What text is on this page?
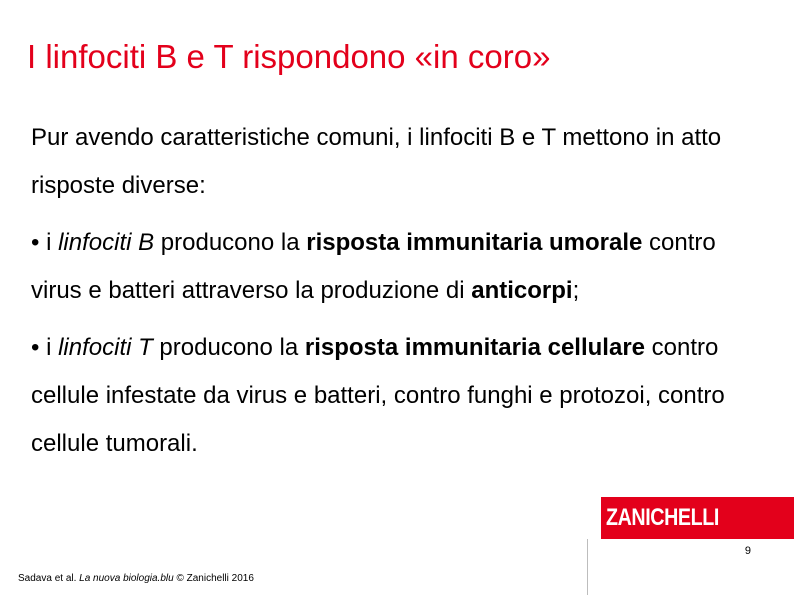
I linfociti B e T rispondono «in coro»

Pur avendo caratteristiche comuni, i linfociti B e T mettono in atto risposte diverse:

• i linfociti B producono la risposta immunitaria umorale contro virus e batteri attraverso la produzione di anticorpi;

• i linfociti T producono la risposta immunitaria cellulare contro cellule infestate da virus e batteri, contro funghi e protozoi, contro cellule tumorali.

ZANICHELLI
9
Sadava et al. La nuova biologia.blu © Zanichelli 2016
